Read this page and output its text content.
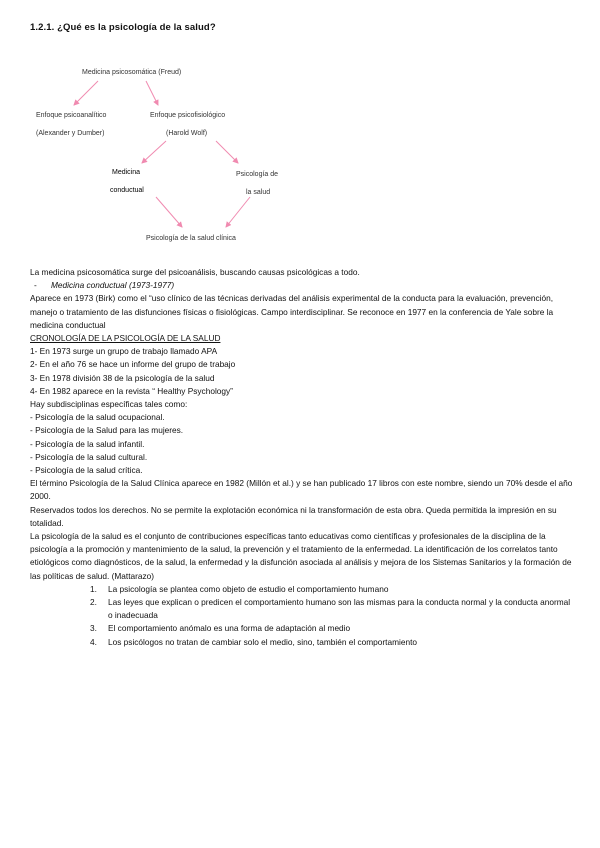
1.2.1. ¿Qué es la psicología de la salud?
Medicina psicosomática (Freud)
Enfoque psicoanalítico
(Alexander y Dumber)
Enfoque psicofisiológico
(Harold Wolf)
Medicina
conductual
Psicología de
la salud
Psicología de la salud clínica

La medicina psicosomática surge del psicoanálisis, buscando causas psicológicas a todo.

- Medicina conductual (1973-1977)

Aparece en 1973 (Birk) como el “uso clínico de las técnicas derivadas del análisis experimental de la conducta para la evaluación, prevención, manejo o tratamiento de las disfunciones físicas o fisiológicas. Campo interdisciplinar. Se reconoce en 1977 en la conferencia de Yale sobre la medicina conductual

CRONOLOGÍA DE LA PSICOLOGÍA DE LA SALUD

1- En 1973 surge un grupo de trabajo llamado APA

2- En el año 76 se hace un informe del grupo de trabajo

3- En 1978 división 38 de la psicología de la salud

4- En 1982 aparece en la revista “ Healthy Psychology”

Hay subdisciplinas específicas tales como:

- Psicología de la salud ocupacional.

- Psicología de la Salud para las mujeres.

- Psicología de la salud infantil.

- Psicología de la salud cultural.

- Psicología de la salud crítica.

El término Psicología de la Salud Clínica aparece en 1982 (Millón et al.) y se han publicado 17 libros con este nombre, siendo un 70% desde el año 2000.

Reservados todos los derechos. No se permite la explotación económica ni la transformación de esta obra. Queda permitida la impresión en su totalidad.

La psicología de la salud es el conjunto de contribuciones específicas tanto educativas como científicas y profesionales de la disciplina de la psicología a la promoción y mantenimiento de la salud, la prevención y el tratamiento de la enfermedad. La identificación de los correlatos tanto etiológicos como diagnósticos, de la salud, la enfermedad y la disfunción asociada al análisis y mejora de los Sistemas Sanitarios y la formación de las políticas de salud. (Mattarazo)

1. La psicología se plantea como objeto de estudio el comportamiento humano
2. Las leyes que explican o predicen el comportamiento humano son las mismas para la conducta normal y la conducta anormal o inadecuada
3. El comportamiento anómalo es una forma de adaptación al medio
4. Los psicólogos no tratan de cambiar solo el medio, sino, también el comportamiento
